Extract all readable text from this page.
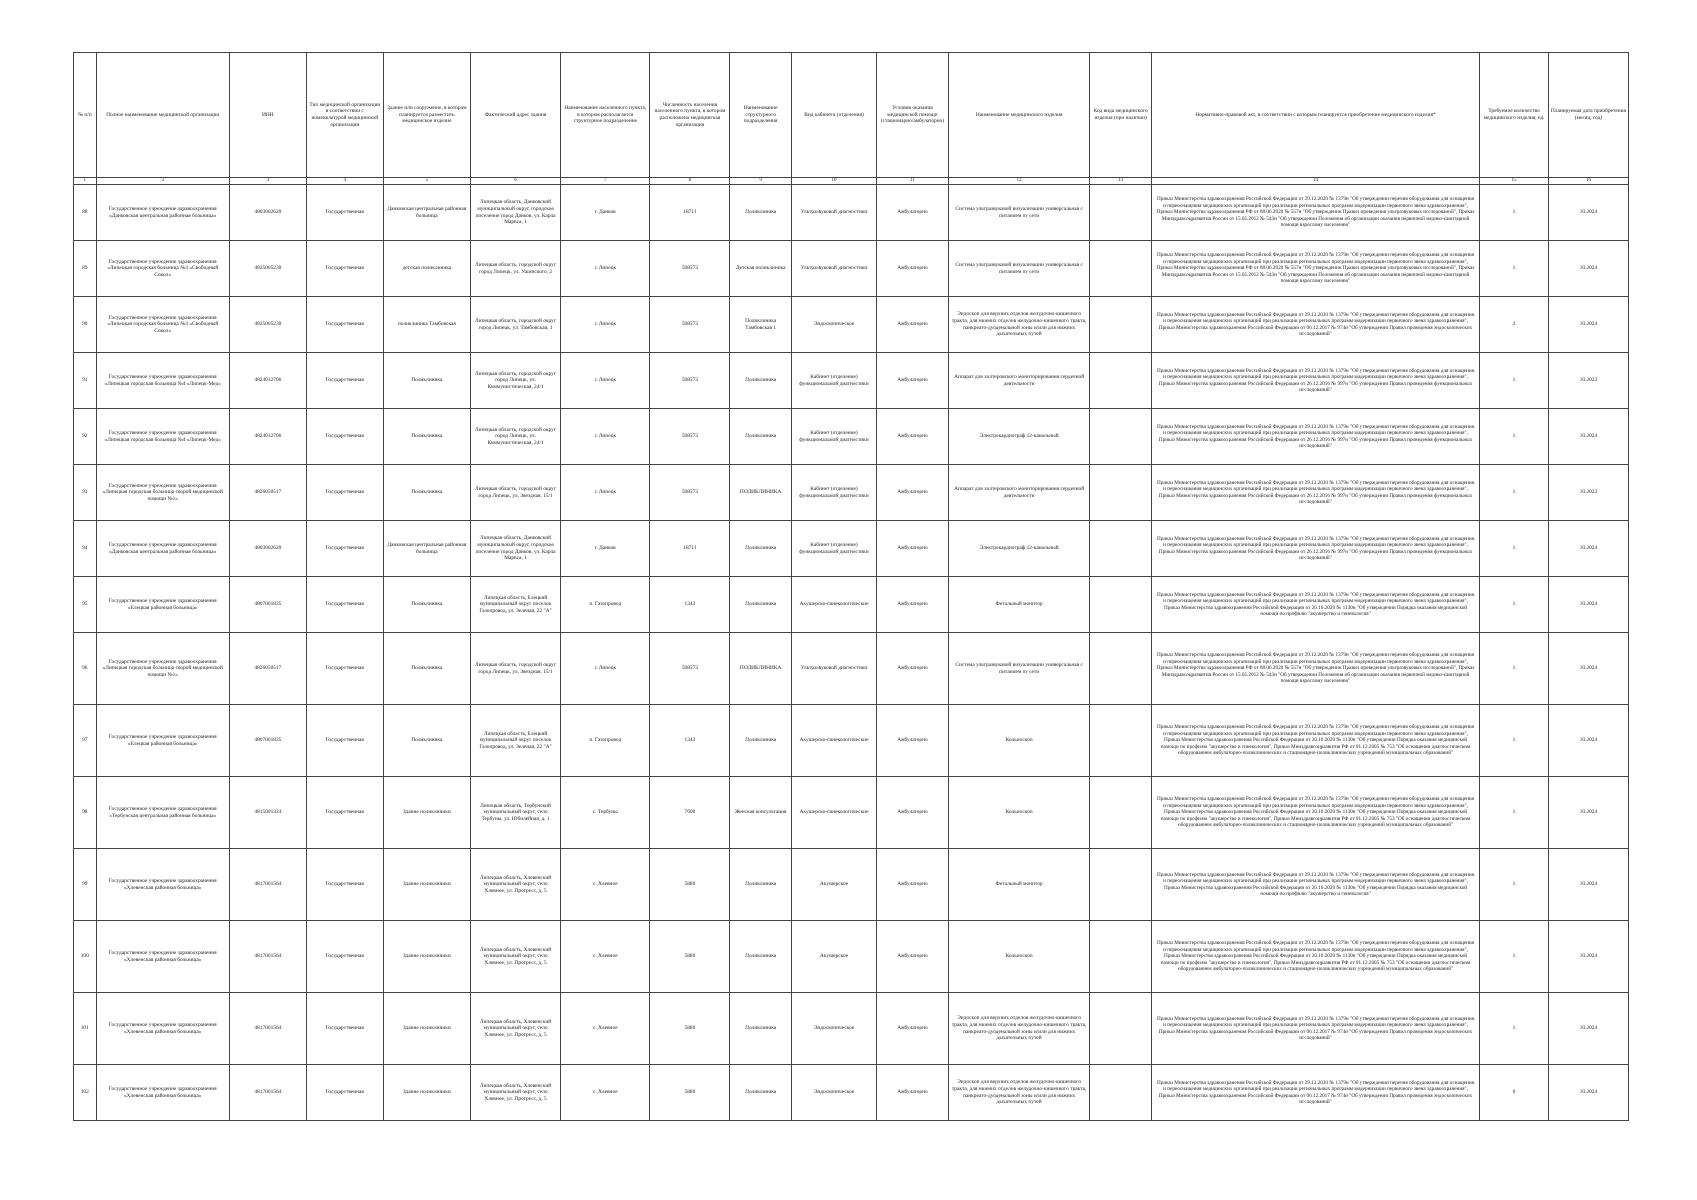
№ п/п	Полное наименование медицинской организации	ИНН	Тип медицинской организации в соответствии с номенклатурой медицинской организации	Здание или сооружение, в котором планируется разместить медицинское изделие	Фактический адрес здания	Наименование населенного пункта, в котором располагается структурное подразделение	Численность населения населенного пункта, в котором расположена медицинская организация	Наименование структурного подразделения	Вид кабинета (отделения)	Условия оказания медицинской помощи (стационарно/амбулаторно)	Наименование медицинского изделия	Код вида медицинского изделия (при наличии)	Нормативно-правовой акт, в соответствии с которым планируется приобретение медицинского изделия*	Требуемое количество медицинского изделия, ед.	Планируемая дата приобретения (месяц, год)
1	2	3	4	5	6	7	8	9	10	11	12	13	14	15	16
88	Государственное учреждение здравоохранения «Данковская центральная районная больница»	4803002620	Государственная	Данковская центральная районная больница	Липецкая область, Данковский муниципальный округ, городское поселение город Данков, ул. Карла Маркса, 1	г. Данков	18711	Поликлиника	Ультразвуковой диагностики	Амбулаторно	Система ультразвуковой визуализации универсальная с питанием от сети		Приказ Министерства здравоохранения Российской Федерации от 29.12.2020 № 1379н "Об утверждении перечня оборудования для оснащения и переоснащения медицинских организаций при реализации региональных программ модернизации первичного звена здравоохранения", Приказ Министерства здравоохранения РФ от 08.06.2020 № 557н "Об утверждении Правил проведения ультразвуковых исследований", Приказ Минздравсоцразвития России от 15.05.2012 № 543н "Об утверждении Положения об организации оказания первичной медико-санитарной помощи взрослому населению"	1	10.2024
89	Государственное учреждение здравоохранения «Липецкая городская больница №3 «Свободный Сокол»	4825005230	Государственная	детская поликлиника	Липецкая область, городской округ город Липецк, ул. Ушинского, 2	г. Липецк	508573	Детская поликлиника	Ультразвуковой диагностики	Амбулаторно	Система ультразвуковой визуализации универсальная с питанием от сети		Приказ Министерства здравоохранения Российской Федерации от 29.12.2020 № 1379н "Об утверждении перечня оборудования для оснащения и переоснащения медицинских организаций при реализации региональных программ модернизации первичного звена здравоохранения", Приказ Министерства здравоохранения РФ от 08.06.2020 № 557н "Об утверждении Правил проведения ультразвуковых исследований", Приказ Минздравсоцразвития России от 15.05.2012 № 543н "Об утверждении Положения об организации оказания первичной медико-санитарной помощи взрослому населению"	1	10.2024
90	Государственное учреждение здравоохранения «Липецкая городская больница №3 «Свободный Сокол»	4825005230	Государственная	поликлиника Тамбовская	Липецкая область, городской округ город Липецк, ул. Тамбовская, 1	г. Липецк	508573	Поликлиника Тамбовская 1	Эндоскопическое	Амбулаторно	Эндоскоп для верхних отделов желудочно-кишечного тракта, для нижних отделов желудочно-кишечного тракта, панкреато-дуоденальной зоны и/или для нижних дыхательных путей		Приказ Министерства здравоохранения Российской Федерации от 29.12.2020 № 1379н "Об утверждении перечня оборудования для оснащения и переоснащения медицинских организаций при реализации региональных программ модернизации первичного звена здравоохранения", Приказ Министерства здравоохранения Российской Федерации от 06.12.2017 № 974н "Об утверждении Правил проведения эндоскопических исследований"	2	10.2024
91	Государственное учреждение здравоохранения «Липецкая городская больница №4 «Липецк-Мед»	4824032706	Государственная	Поликлиника	Липецкая область, городской округ город Липецк, ул. Коммунистическая, 24/1	г. Липецк	508573	Поликлиника	Кабинет (отделение) функциональной диагностики	Амбулаторно	Аппарат для холтеровского мониторирования сердечной деятельности		Приказ Министерства здравоохранения Российской Федерации от 29.12.2020 № 1379н "Об утверждении перечня оборудования для оснащения и переоснащения медицинских организаций при реализации региональных программ модернизации первичного звена здравоохранения", Приказ Министерства здравоохранения Российской Федерации от 26.12.2016 № 997н "Об утверждении Правил проведения функциональных исследований"	1	10.2023
92	Государственное учреждение здравоохранения «Липецкая городская больница №4 «Липецк-Мед»	4824032706	Государственная	Поликлиника	Липецкая область, городской округ город Липецк, ул. Коммунистическая, 24/1	г. Липецк	508573	Поликлиника	Кабинет (отделение) функциональной диагностики	Амбулаторно	Электрокардиограф 12-канальный		Приказ Министерства здравоохранения Российской Федерации от 29.12.2020 № 1379н "Об утверждении перечня оборудования для оснащения и переоснащения медицинских организаций при реализации региональных программ модернизации первичного звена здравоохранения", Приказ Министерства здравоохранения Российской Федерации от 26.12.2016 № 997н "Об утверждении Правил проведения функциональных исследований"	1	10.2024
93	Государственное учреждение здравоохранения «Липецкая городская больница скорой медицинской помощи №1»	4826050517	Государственная	Поликлиника	Липецкая область, городской округ город Липецк, ул. Звездная, 15/1	г. Липецк	508573	ПОЛИКЛИНИКА	Кабинет (отделение) функциональной диагностики	Амбулаторно	Аппарат для холтеровского мониторирования сердечной деятельности		Приказ Министерства здравоохранения Российской Федерации от 29.12.2020 № 1379н "Об утверждении перечня оборудования для оснащения и переоснащения медицинских организаций при реализации региональных программ модернизации первичного звена здравоохранения", Приказ Министерства здравоохранения Российской Федерации от 26.12.2016 № 997н "Об утверждении Правил проведения функциональных исследований"	1	10.2023
94	Государственное учреждение здравоохранения «Данковская центральная районная больница»	4803002620	Государственная	Данковская центральная районная больница	Липецкая область, Данковский муниципальный округ, городское поселение город Данков, ул. Карла Маркса, 1	г. Данков	18711	Поликлиника	Кабинет (отделение) функциональной диагностики	Амбулаторно	Электрокардиограф 12-канальный		Приказ Министерства здравоохранения Российской Федерации от 29.12.2020 № 1379н "Об утверждении перечня оборудования для оснащения и переоснащения медицинских организаций при реализации региональных программ модернизации первичного звена здравоохранения", Приказ Министерства здравоохранения Российской Федерации от 26.12.2016 № 997н "Об утверждении Правил проведения функциональных исследований"	1	10.2024
95	Государственное учреждение здравоохранения «Елецкая районная больница»	4807001835	Государственная	Поликлиника	Липецкая область, Елецкий муниципальный округ поселок Газопровод, ул. Зеленая, 22 "А"	п. Газопровод	1343	Поликлиника	Акушерско-гинекологические	Амбулаторно	Фетальный монитор		Приказ Министерства здравоохранения Российской Федерации от 29.12.2020 № 1379н "Об утверждении перечня оборудования для оснащения и переоснащения медицинских организаций при реализации региональных программ модернизации первичного звена здравоохранения", Приказ Министерства здравоохранения Российской Федерации от 20.10.2020 № 1130н "Об утверждении Порядка оказания медицинской помощи по профилю "акушерство и гинекология"	1	10.2024
96	Государственное учреждение здравоохранения «Липецкая городская больница скорой медицинской помощи №1»	4826050517	Государственная	Поликлиника	Липецкая область, городской округ город Липецк, ул. Звездная, 15/1	г. Липецк	508573	ПОЛИКЛИНИКА	Ультразвуковой диагностики	Амбулаторно	Система ультразвуковой визуализации универсальная с питанием от сети		Приказ Министерства здравоохранения Российской Федерации от 29.12.2020 № 1379н "Об утверждении перечня оборудования для оснащения и переоснащения медицинских организаций при реализации региональных программ модернизации первичного звена здравоохранения", Приказ Министерства здравоохранения РФ от 08.06.2020 № 557н "Об утверждении Правил проведения ультразвуковых исследований", Приказ Минздравсоцразвития России от 15.05.2012 № 543н "Об утверждении Положения об организации оказания первичной медико-санитарной помощи взрослому населению"	1	10.2024
97	Государственное учреждение здравоохранения «Елецкая районная больница»	4807001835	Государственная	Поликлиника	Липецкая область, Елецкий муниципальный округ поселок Газопровод, ул. Зеленая, 22 "А"	п. Газопровод	1343	Поликлиника	Акушерско-гинекологические	Амбулаторно	Кольпоскоп		Приказ Министерства здравоохранения Российской Федерации от 29.12.2020 № 1379н "Об утверждении перечня оборудования для оснащения и переоснащения медицинских организаций при реализации региональных программ модернизации первичного звена здравоохранения", Приказ Министерства здравоохранения Российской Федерации от 20.10.2020 № 1130н "Об утверждении Порядка оказания медицинской помощи по профилю "акушерство и гинекология", Приказ Минздравсоцразвития РФ от 01.12.2005 № 753 "Об оснащении диагностическим оборудованием амбулаторно-поликлинических и стационарно-поликлинических учреждений муниципальных образований"	1	10.2024
98	Государственное учреждение здравоохранения «Тербунская центральная районная больница»	4815001324	Государственная	Здание поликлиники	Липецкая область, Тербунский муниципальный округ, село Тербуны, ул. Юбилейная, д. 1	с. Тербуны	7600	Женская консультация	Акушерско-гинекологические	Амбулаторно	Кольпоскоп		Приказ Министерства здравоохранения Российской Федерации от 29.12.2020 № 1379н "Об утверждении перечня оборудования для оснащения и переоснащения медицинских организаций при реализации региональных программ модернизации первичного звена здравоохранения", Приказ Министерства здравоохранения Российской Федерации от 20.10.2020 № 1130н "Об утверждении Порядка оказания медицинской помощи по профилю "акушерство и гинекология", Приказ Минздравсоцразвития РФ от 01.12.2005 № 753 "Об оснащении диагностическим оборудованием амбулаторно-поликлинических и стационарно-поликлинических учреждений муниципальных образований"	1	10.2024
99	Государственное учреждение здравоохранения «Хлевенская районная больница»	4817001564	Государственная	Здание поликлиники	Липецкая область, Хлевенский муниципальный округ, село Хлевное, ул. Прогресс, д. 5	с. Хлевное	5880	Поликлиника	Акушерское	Амбулаторно	Фетальный монитор		Приказ Министерства здравоохранения Российской Федерации от 29.12.2020 № 1379н "Об утверждении перечня оборудования для оснащения и переоснащения медицинских организаций при реализации региональных программ модернизации первичного звена здравоохранения", Приказ Министерства здравоохранения Российской Федерации от 20.10.2020 № 1130н "Об утверждении Порядка оказания медицинской помощи по профилю "акушерство и гинекология"	1	10.2024
100	Государственное учреждение здравоохранения «Хлевенская районная больница»	4817001564	Государственная	Здание поликлиники	Липецкая область, Хлевенский муниципальный округ, село Хлевное, ул. Прогресс, д. 5	с. Хлевное	5880	Поликлиника	Акушерское	Амбулаторно	Кольпоскоп		Приказ Министерства здравоохранения Российской Федерации от 29.12.2020 № 1379н "Об утверждении перечня оборудования для оснащения и переоснащения медицинских организаций при реализации региональных программ модернизации первичного звена здравоохранения", Приказ Министерства здравоохранения Российской Федерации от 20.10.2020 № 1130н "Об утверждении Порядка оказания медицинской помощи по профилю "акушерство и гинекология", Приказ Минздравсоцразвития РФ от 01.12.2005 № 753 "Об оснащении диагностическим оборудованием амбулаторно-поликлинических и стационарно-поликлинических учреждений муниципальных образований"	1	10.2024
101	Государственное учреждение здравоохранения «Хлевенская районная больница»	4817001564	Государственная	Здание поликлиники	Липецкая область, Хлевенский муниципальный округ, село Хлевное, ул. Прогресс, д. 5	с. Хлевное	5880	Поликлиника	Эндоскопическое	Амбулаторно	Эндоскоп для верхних отделов желудочно-кишечного тракта, для нижних отделов желудочно-кишечного тракта, панкреато-дуоденальной зоны и/или для нижних дыхательных путей		Приказ Министерства здравоохранения Российской Федерации от 29.12.2020 № 1379н "Об утверждении перечня оборудования для оснащения и переоснащения медицинских организаций при реализации региональных программ модернизации первичного звена здравоохранения", Приказ Министерства здравоохранения Российской Федерации от 06.12.2017 № 974н "Об утверждении Правил проведения эндоскопических исследований"	1	10.2024
102	Государственное учреждение здравоохранения «Хлевенская районная больница»	4817001564	Государственная	Здание поликлиники	Липецкая область, Хлевенский муниципальный округ, село Хлевное, ул. Прогресс, д. 5	с. Хлевное	5880	Поликлиника	Эндоскопическое	Амбулаторно	Эндоскоп для верхних отделов желудочно-кишечного тракта, для нижних отделов желудочно-кишечного тракта, панкреато-дуоденальной зоны и/или для нижних дыхательных путей		Приказ Министерства здравоохранения Российской Федерации от 29.12.2020 № 1379н "Об утверждении перечня оборудования для оснащения и переоснащения медицинских организаций при реализации региональных программ модернизации первичного звена здравоохранения", Приказ Министерства здравоохранения Российской Федерации от 06.12.2017 № 974н "Об утверждении Правил проведения эндоскопических исследований"	0	10.2024
